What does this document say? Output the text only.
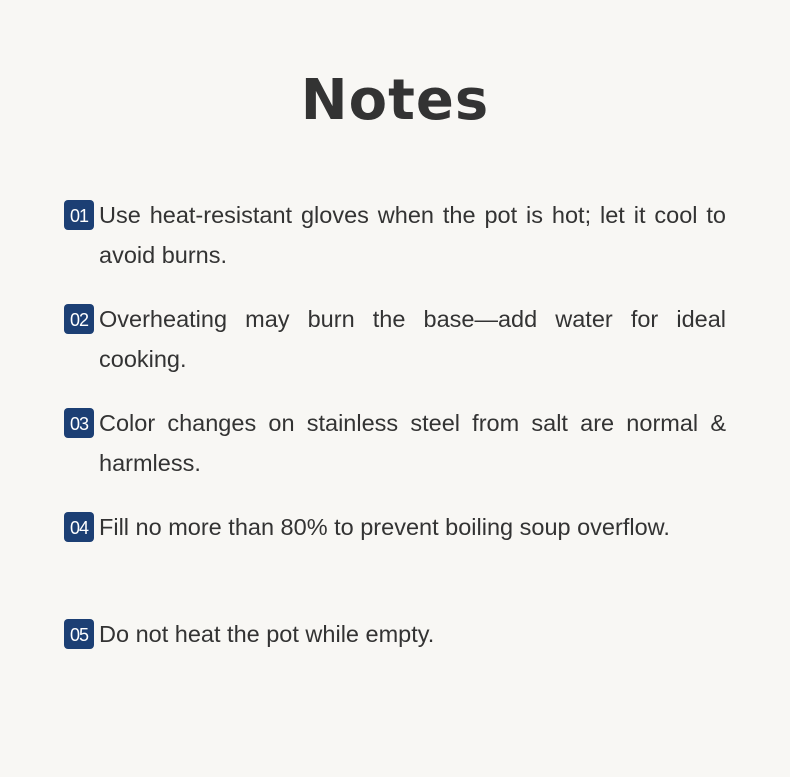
Notes
01 Use heat-resistant gloves when the pot is hot; let it cool to avoid burns.
02 Overheating may burn the base—add water for ideal cooking.
03 Color changes on stainless steel from salt are normal & harmless.
04 Fill no more than 80% to prevent boiling soup overflow.
05 Do not heat the pot while empty.
